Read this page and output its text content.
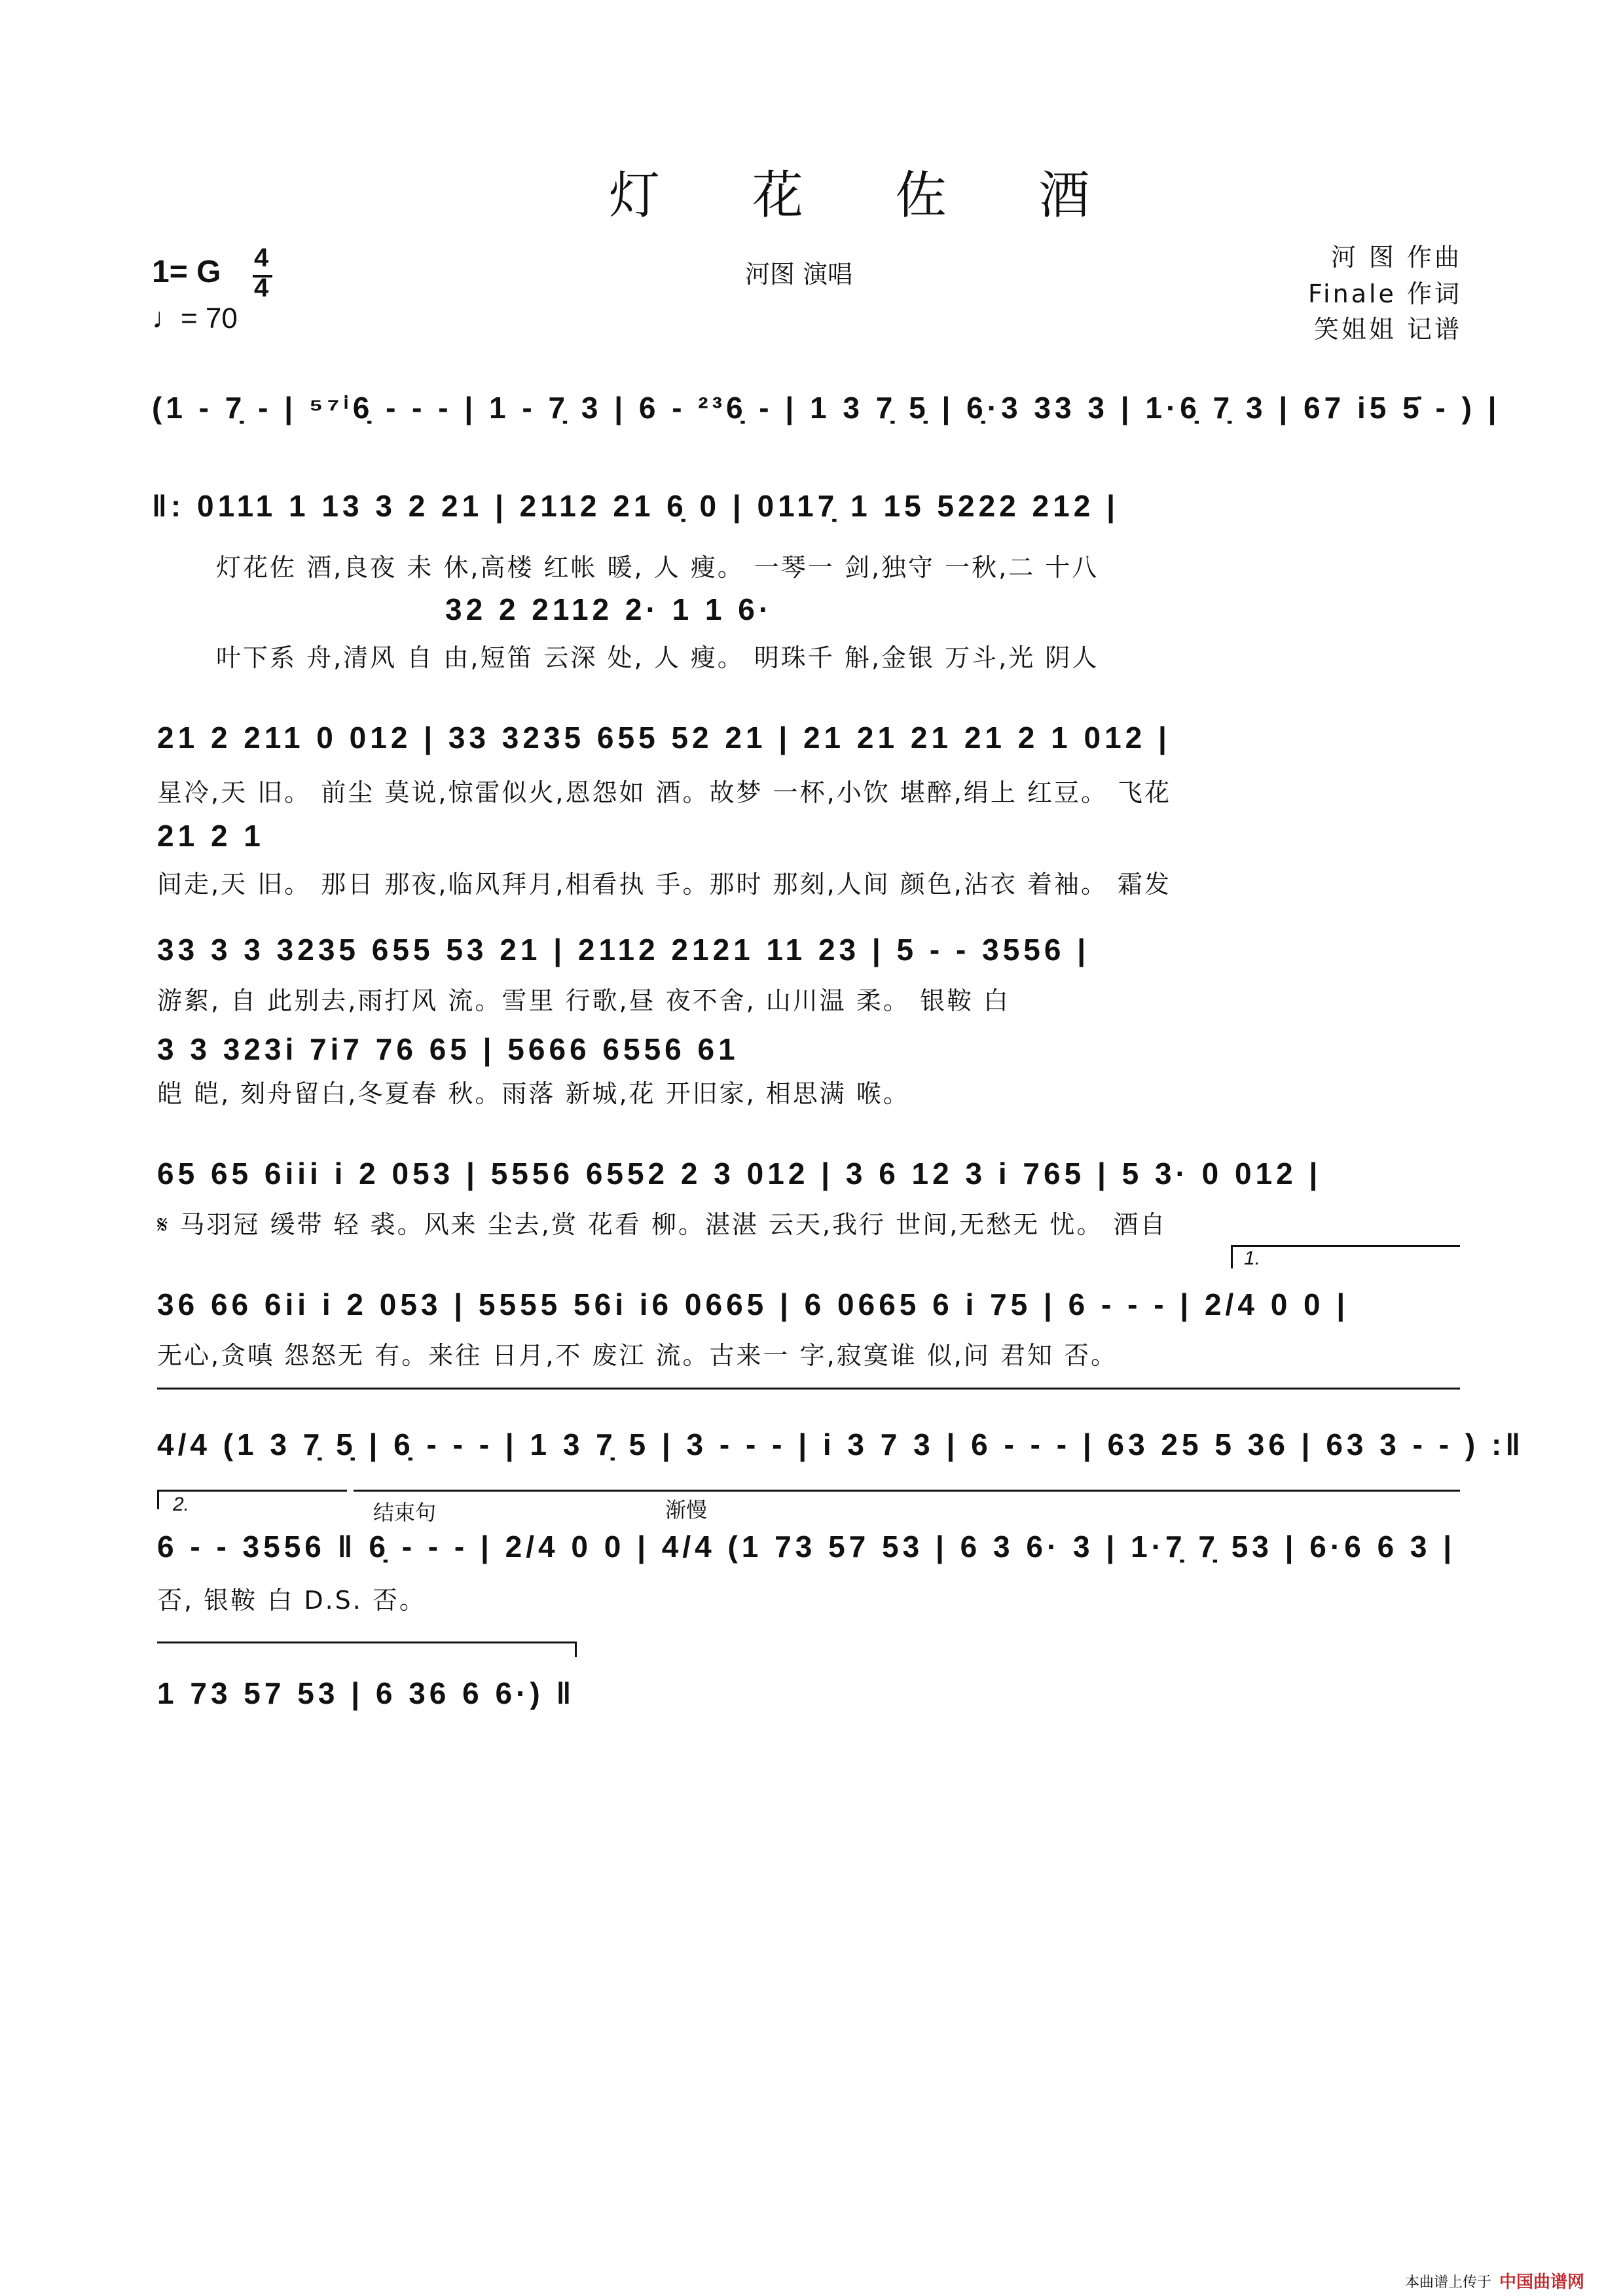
灯 花 佐 酒
1= G 4
4
♩= 70
河图 演唱
河 图 作曲
Finale 作词
笑姐姐 记谱
(1 - 7̣ - | ⁵⁷ⁱ6̣ - - - | 1 - 7̣ 3 | 6 - ²³6̣ - | 1 3 7̣ 5̣ | 6̣·3 33 3 | 1·6̣ 7̣ 3 | 67 i5 5̇ - ) |
‖: 0111 1 13 3 2 21 | 2112 21 6̣ 0 | 0117̣ 1 15 5222 212 |
灯花佐 酒,良夜 未 休,高楼 红帐 暖, 人 瘦。 一琴一 剑,独守 一秋,二 十八
32 2 2112 2· 1 1 6·
叶下系 舟,清风 自 由,短笛 云深 处, 人 瘦。 明珠千 斛,金银 万斗,光 阴人
21 2 211 0 012 | 33 3235 655 52 21 | 21 21 21 21 2 1 012 |
星冷,天 旧。 前尘 莫说,惊雷似火,恩怨如 酒。故梦 一杯,小饮 堪醉,绢上 红豆。 飞花
21 2 1
间走,天 旧。 那日 那夜,临风拜月,相看执 手。那时 那刻,人间 颜色,沾衣 着袖。 霜发
33 3 3 3235 655 53 21 | 2112 2121 11 23 | 5 - - 3556 |
游絮, 自 此别去,雨打风 流。雪里 行歌,昼 夜不舍, 山川温 柔。 银鞍 白
3 3 323i 7i7 76 65 | 5666 6556 61
皑 皑, 刻舟留白,冬夏春 秋。雨落 新城,花 开旧家, 相思满 喉。
65 65 6iii i 2 053 | 5556 6552 2 3 012 | 3 6 12 3 i 765 | 5 3· 0 012 |
𝄋 马羽冠 缓带 轻 裘。风来 尘去,赏 花看 柳。湛湛 云天,我行 世间,无愁无 忧。 酒自
1.
36 66 6ii i 2 053 | 5555 56i i6 0665 | 6 0665 6 i 75 | 6 - - - | 2/4 0 0 |
无心,贪嗔 怨怒无 有。来往 日月,不 废江 流。古来一 字,寂寞谁 似,问 君知 否。
4/4 (1 3 7̣ 5̣ | 6̣ - - - | 1 3 7̣ 5 | 3 - - - | i 3 7 3 | 6 - - - | 63 25 5 36 | 63 3 - - ) :‖
2.	结束句	渐慢
6 - - 3556 ‖ 6̣ - - - | 2/4 0 0 | 4/4 (1 73 57 53 | 6 3 6· 3 | 1·7̣ 7̣ 53 | 6·6 6 3 |
否, 银鞍 白 D.S. 否。
1 73 57 53 | 6 36 6 6·) ‖
本曲谱上传于 中国曲谱网
